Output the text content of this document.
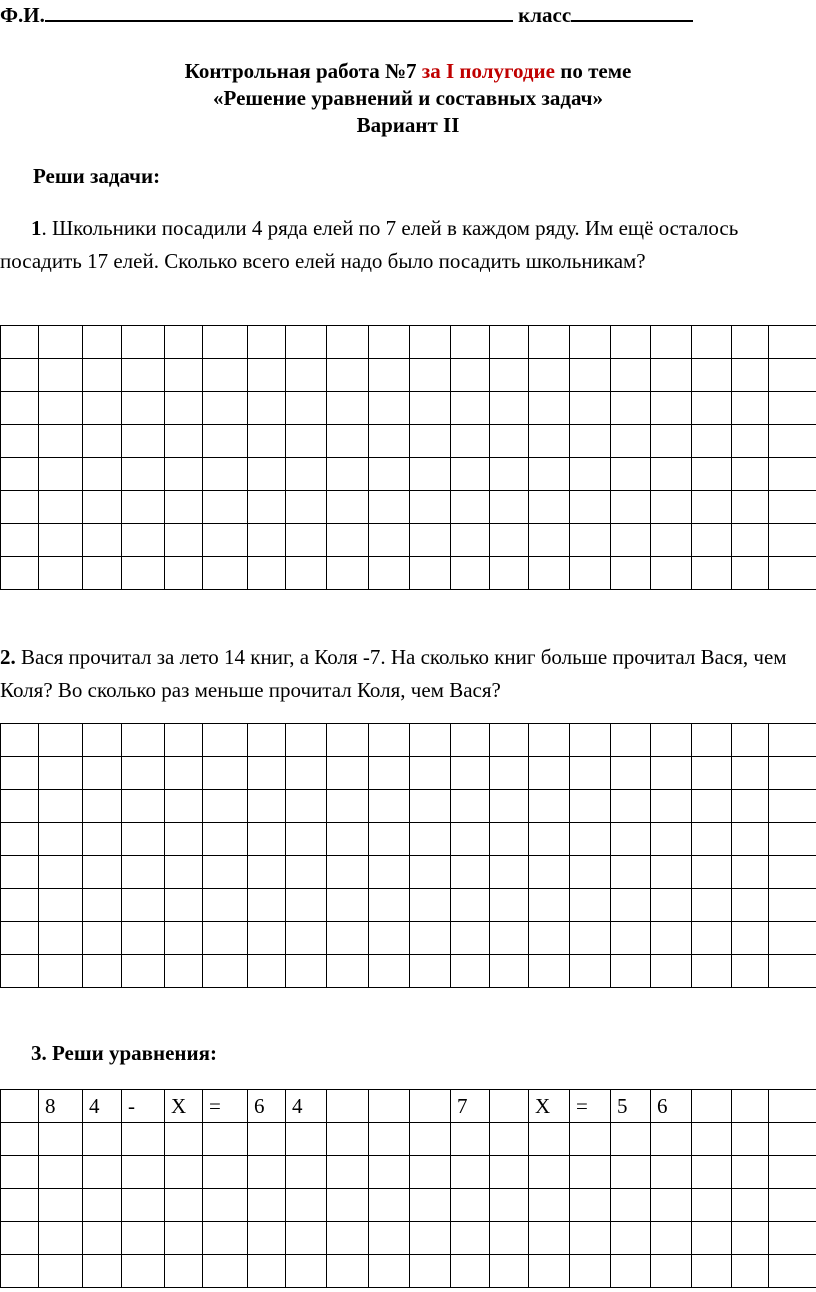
Ф.И.	класс
Контрольная работа №7 за I полугодие по теме
«Решение уравнений и составных задач»
Вариант II
Реши задачи:
1. Школьники посадили 4 ряда елей по 7 елей в каждом ряду. Им ещё осталось посадить 17 елей. Сколько всего елей надо было посадить школьникам?

2. Вася прочитал за лето 14 книг, а Коля -7. На сколько книг больше прочитал Вася, чем Коля? Во сколько раз меньше прочитал Коля, чем Вася?

3. Реши уравнения:
	8	4	-	Х	=	6	4				7		Х	=	5	6			
